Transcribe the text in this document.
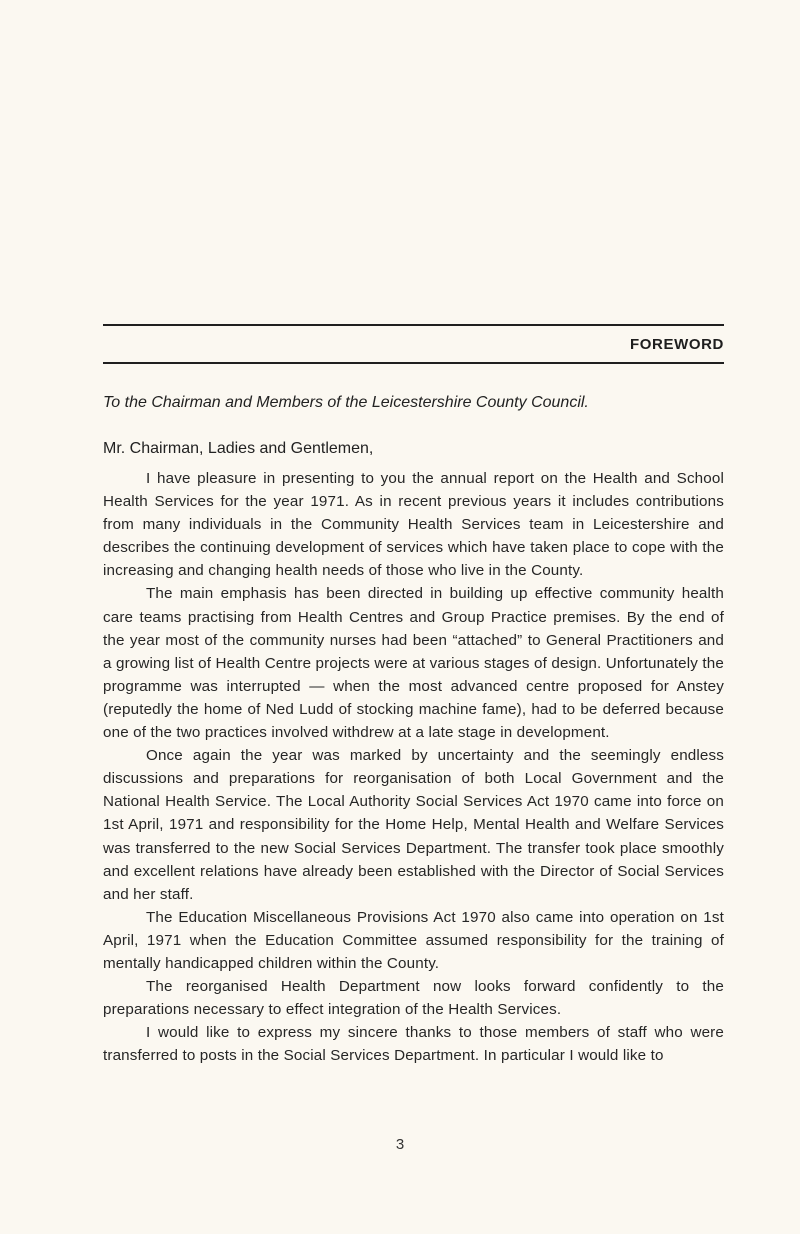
FOREWORD
To the Chairman and Members of the Leicestershire County Council.
Mr. Chairman, Ladies and Gentlemen,

I have pleasure in presenting to you the annual report on the Health and School Health Services for the year 1971. As in recent previous years it includes contributions from many individuals in the Community Health Services team in Leicestershire and describes the continuing development of services which have taken place to cope with the increasing and changing health needs of those who live in the County.

The main emphasis has been directed in building up effective community health care teams practising from Health Centres and Group Practice premises. By the end of the year most of the community nurses had been “attached” to General Practitioners and a growing list of Health Centre projects were at various stages of design. Unfortunately the programme was interrupted — when the most advanced centre proposed for Anstey (reputedly the home of Ned Ludd of stocking machine fame), had to be deferred because one of the two practices involved withdrew at a late stage in development.

Once again the year was marked by uncertainty and the seemingly endless discussions and preparations for reorganisation of both Local Government and the National Health Service. The Local Authority Social Services Act 1970 came into force on 1st April, 1971 and responsibility for the Home Help, Mental Health and Welfare Services was transferred to the new Social Services Department. The transfer took place smoothly and excellent relations have already been established with the Director of Social Services and her staff.

The Education Miscellaneous Provisions Act 1970 also came into operation on 1st April, 1971 when the Education Committee assumed responsibility for the training of mentally handicapped children within the County.

The reorganised Health Department now looks forward confidently to the preparations necessary to effect integration of the Health Services.

I would like to express my sincere thanks to those members of staff who were transferred to posts in the Social Services Department. In particular I would like to

3
